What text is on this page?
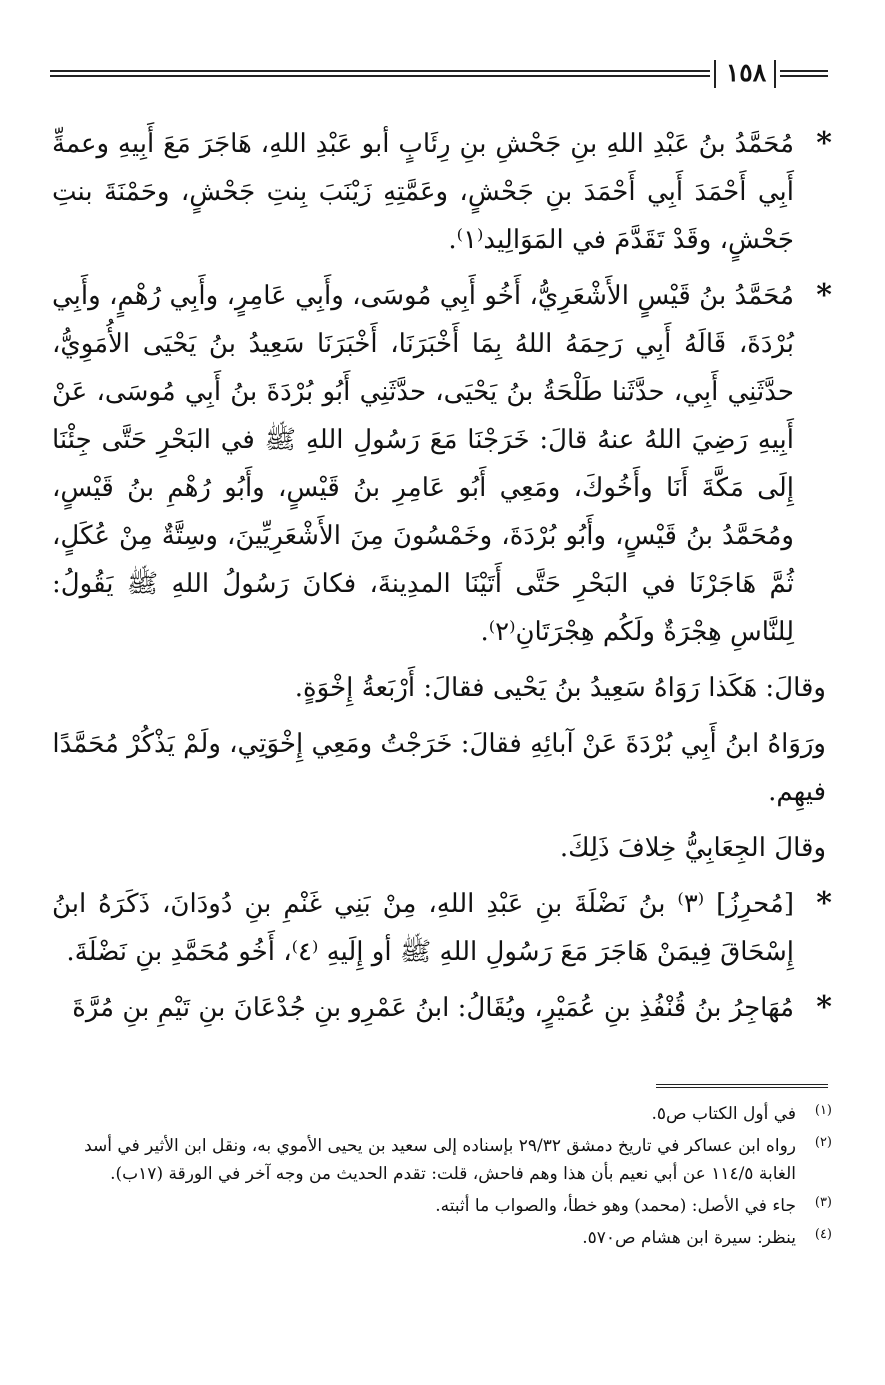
١٥٨

*
مُحَمَّدُ بنُ عَبْدِ اللهِ بنِ جَحْشِ بنِ رِئَابٍ أبو عَبْدِ اللهِ، هَاجَرَ مَعَ أَبِيهِ وعمةِّ أَبِي أَحْمَدَ أَبِي أَحْمَدَ بنِ جَحْشٍ، وعَمَّتِهِ زَيْنَبَ بِنتِ جَحْشٍ، وحَمْنَةَ بنتِ جَحْشٍ، وقَدْ تَقَدَّمَ في المَوَالِيد⁽١⁾.

*
مُحَمَّدُ بنُ قَيْسٍ الأَشْعَرِيُّ، أَخُو أَبِي مُوسَى، وأَبِي عَامِرٍ، وأَبِي رُهْمٍ، وأَبِي بُرْدَةَ، قَالَهُ أَبِي رَحِمَهُ اللهُ بِمَا أَخْبَرَنَا، أَخْبَرَنَا سَعِيدُ بنُ يَحْيَى الأُمَوِيُّ، حدَّثَنِي أَبِي، حدَّثَنا طَلْحَةُ بنُ يَحْيَى، حدَّثَنِي أَبُو بُرْدَةَ بنُ أَبِي مُوسَى، عَنْ أَبِيهِ رَضِيَ اللهُ عنهُ قالَ: خَرَجْنَا مَعَ رَسُولِ اللهِ ﷺ في البَحْرِ حَتَّى جِئْنَا إِلَى مَكَّةَ أَنَا وأَخُوكَ، ومَعِي أَبُو عَامِرِ بنُ قَيْسٍ، وأَبُو رُهْمِ بنُ قَيْسٍ، ومُحَمَّدُ بنُ قَيْسٍ، وأَبُو بُرْدَةَ، وخَمْسُونَ مِنَ الأَشْعَرِيِّينَ، وسِتَّةٌ مِنْ عُكَلٍ، ثُمَّ هَاجَرْنَا في البَحْرِ حَتَّى أَتَيْنَا المدِينةَ، فكانَ رَسُولُ اللهِ ﷺ يَقُولُ: لِلنَّاسِ هِجْرَةٌ ولَكُم هِجْرَتَانِ⁽٢⁾.

وقالَ: هَكَذا رَوَاهُ سَعِيدُ بنُ يَحْيى فقالَ: أَرْبَعةُ إِخْوَةٍ.

ورَوَاهُ ابنُ أَبِي بُرْدَةَ عَنْ آبائِهِ فقالَ: خَرَجْتُ ومَعِي إِخْوَتِي، ولَمْ يَذْكُرْ مُحَمَّدًا فيهِم.

وقالَ الجِعَابِيُّ خِلافَ ذَلِكَ.

*
[مُحرِزُ] ⁽٣⁾ بنُ نَضْلَةَ بنِ عَبْدِ اللهِ، مِنْ بَنِي غَنْمِ بنِ دُودَانَ، ذَكَرَهُ ابنُ إِسْحَاقَ فِيمَنْ هَاجَرَ مَعَ رَسُولِ اللهِ ﷺ أو إِلَيهِ ⁽٤⁾، أَخُو مُحَمَّدِ بنِ نَضْلَةَ.

*
مُهَاجِرُ بنُ قُنْفُذِ بنِ عُمَيْرٍ، ويُقَالُ: ابنُ عَمْرِو بنِ جُدْعَانَ بنِ تَيْمِ بنِ مُرَّةَ

(١)
في أول الكتاب ص٥.
(٢)
رواه ابن عساكر في تاريخ دمشق ٢٩/٣٢ بإسناده إلى سعيد بن يحيى الأموي به، ونقل ابن الأثير في أسد الغابة ١١٤/٥ عن أبي نعيم بأن هذا وهم فاحش، قلت: تقدم الحديث من وجه آخر في الورقة (١٧ب).
(٣)
جاء في الأصل: (محمد) وهو خطأ، والصواب ما أثبته.
(٤)
ينظر: سيرة ابن هشام ص٥٧٠.
